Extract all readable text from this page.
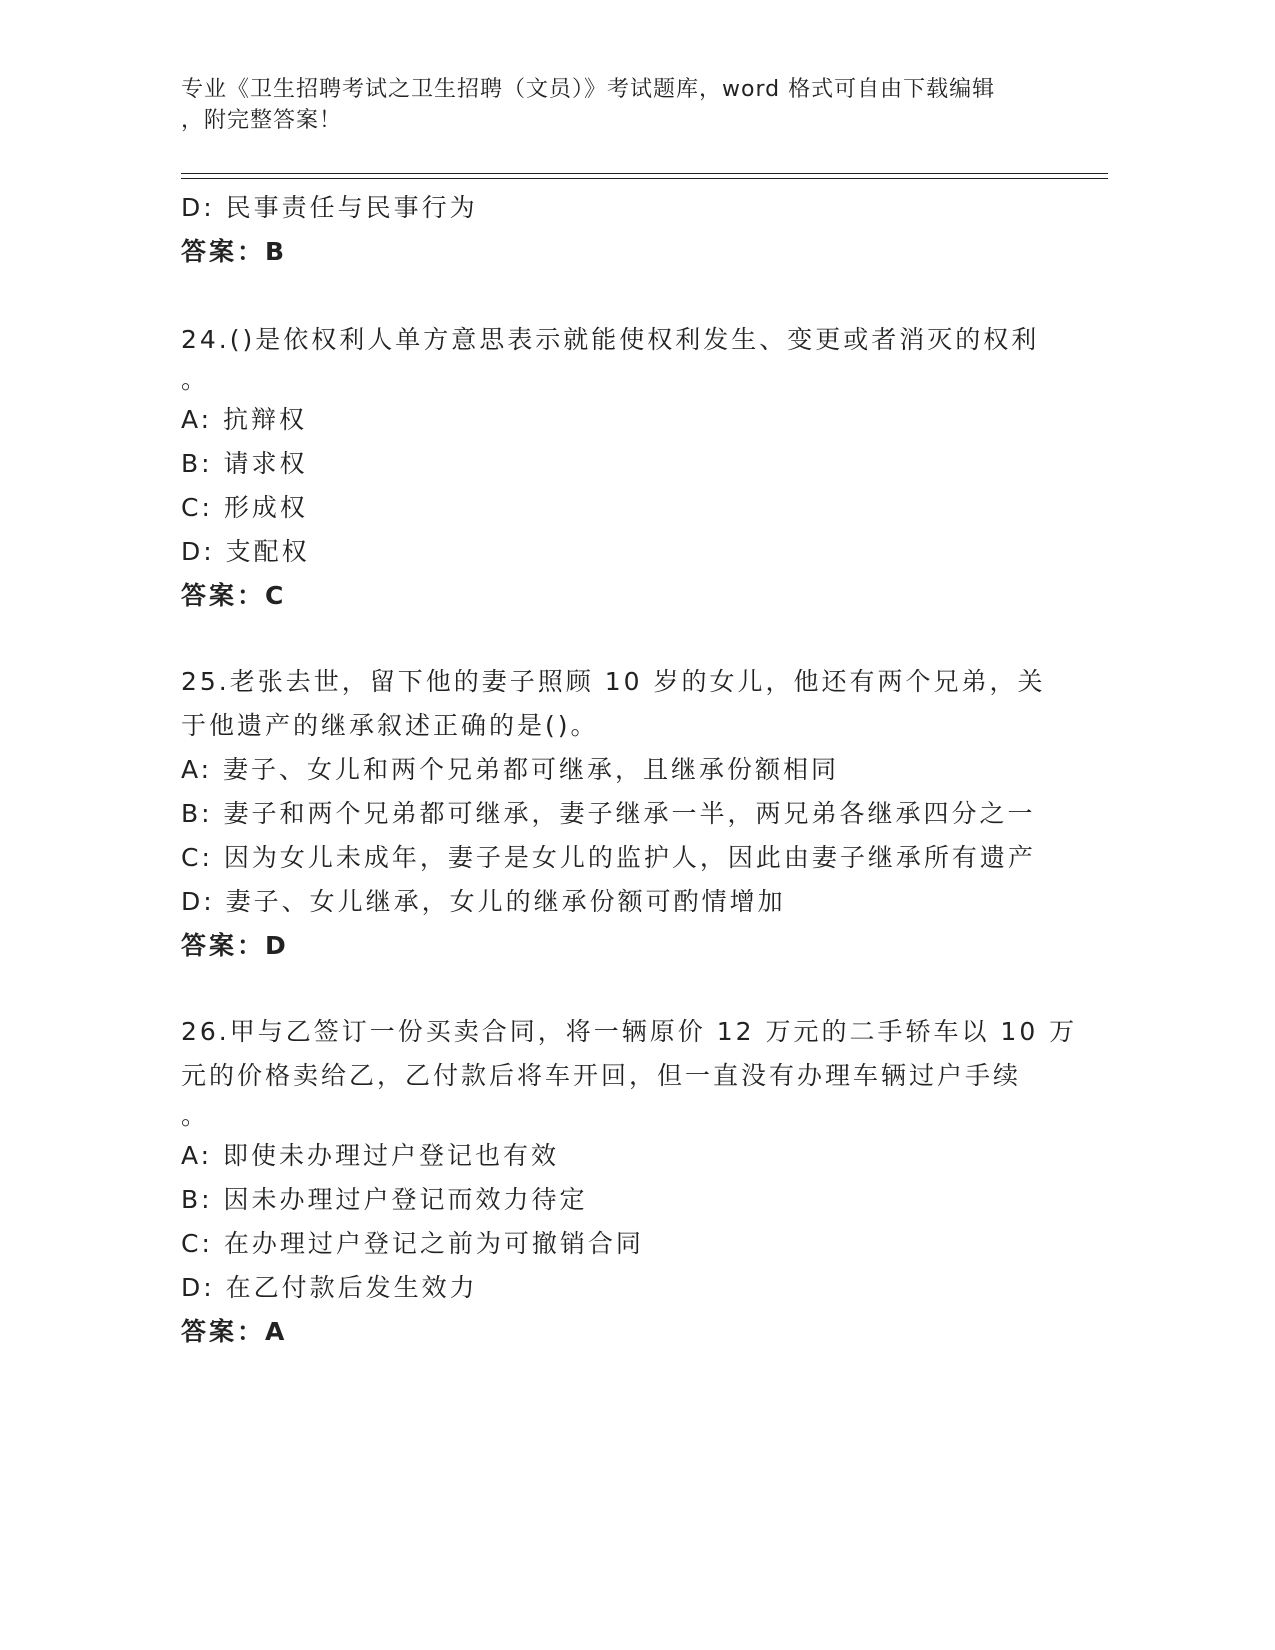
专业《卫生招聘考试之卫生招聘（文员）》考试题库，word 格式可自由下载编辑
，附完整答案！
D: 民事责任与民事行为
答案：B
24.()是依权利人单方意思表示就能使权利发生、变更或者消灭的权利
。
A: 抗辩权
B: 请求权
C: 形成权
D: 支配权
答案：C
25.老张去世，留下他的妻子照顾 10 岁的女儿，他还有两个兄弟，关
于他遗产的继承叙述正确的是()。
A: 妻子、女儿和两个兄弟都可继承，且继承份额相同
B: 妻子和两个兄弟都可继承，妻子继承一半，两兄弟各继承四分之一
C: 因为女儿未成年，妻子是女儿的监护人，因此由妻子继承所有遗产
D: 妻子、女儿继承，女儿的继承份额可酌情增加
答案：D
26.甲与乙签订一份买卖合同，将一辆原价 12 万元的二手轿车以 10 万
元的价格卖给乙，乙付款后将车开回，但一直没有办理车辆过户手续
。
A: 即使未办理过户登记也有效
B: 因未办理过户登记而效力待定
C: 在办理过户登记之前为可撤销合同
D: 在乙付款后发生效力
答案：A
